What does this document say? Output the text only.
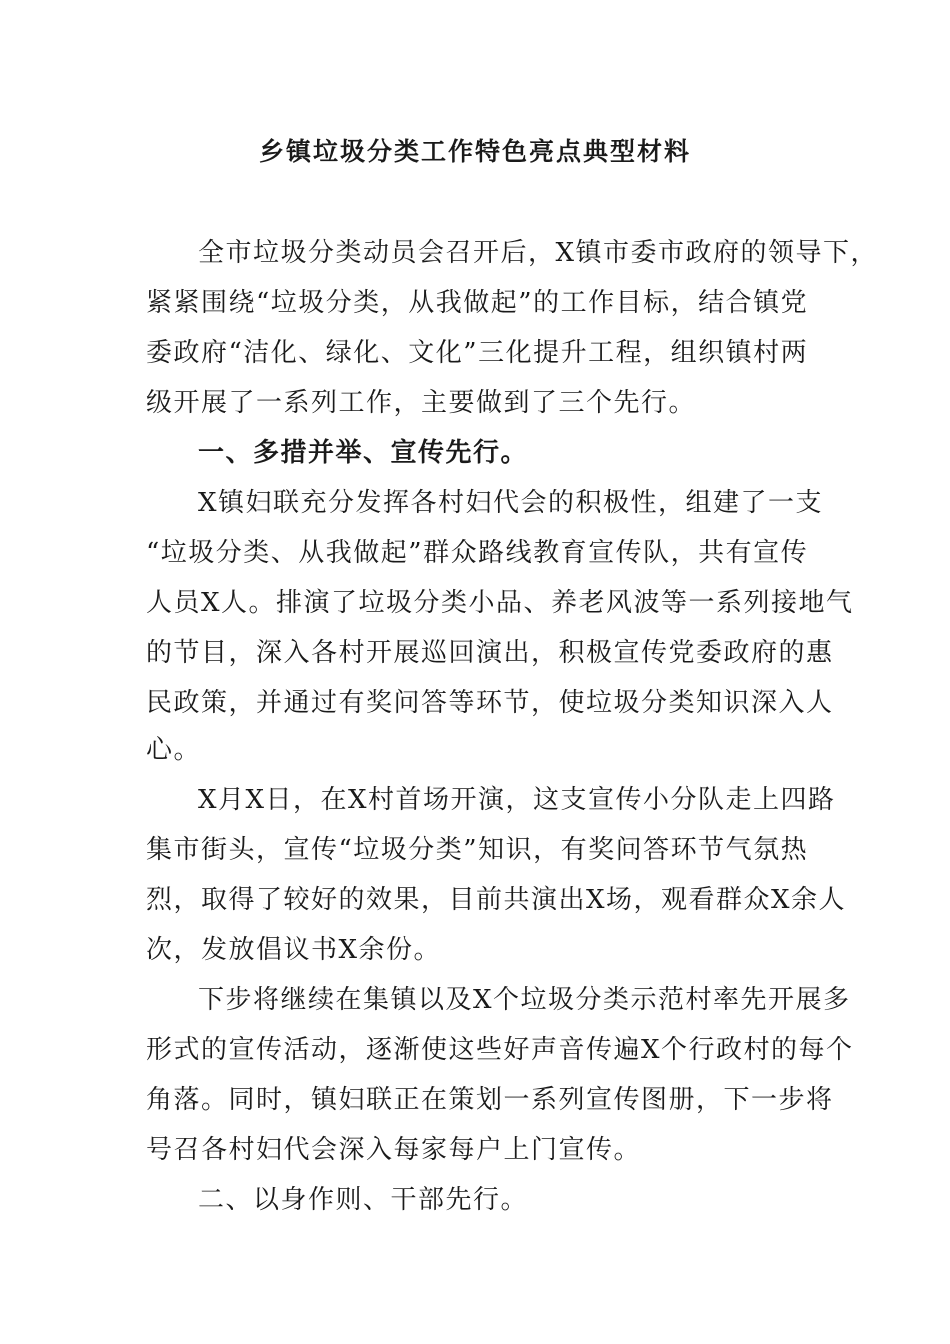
乡镇垃圾分类工作特色亮点典型材料
全市垃圾分类动员会召开后，X镇市委市政府的领导下，
紧紧围绕“垃圾分类，从我做起”的工作目标，结合镇党
委政府“洁化、绿化、文化”三化提升工程，组织镇村两
级开展了一系列工作，主要做到了三个先行。
一、多措并举、宣传先行。
X镇妇联充分发挥各村妇代会的积极性，组建了一支
“垃圾分类、从我做起”群众路线教育宣传队，共有宣传
人员X人。排演了垃圾分类小品、养老风波等一系列接地气
的节目，深入各村开展巡回演出，积极宣传党委政府的惠
民政策，并通过有奖问答等环节，使垃圾分类知识深入人
心。
X月X日，在X村首场开演，这支宣传小分队走上四路
集市街头，宣传“垃圾分类”知识，有奖问答环节气氛热
烈，取得了较好的效果，目前共演出X场，观看群众X余人
次，发放倡议书X余份。
下步将继续在集镇以及X个垃圾分类示范村率先开展多
形式的宣传活动，逐渐使这些好声音传遍X个行政村的每个
角落。同时，镇妇联正在策划一系列宣传图册，下一步将
号召各村妇代会深入每家每户上门宣传。
二、以身作则、干部先行。
